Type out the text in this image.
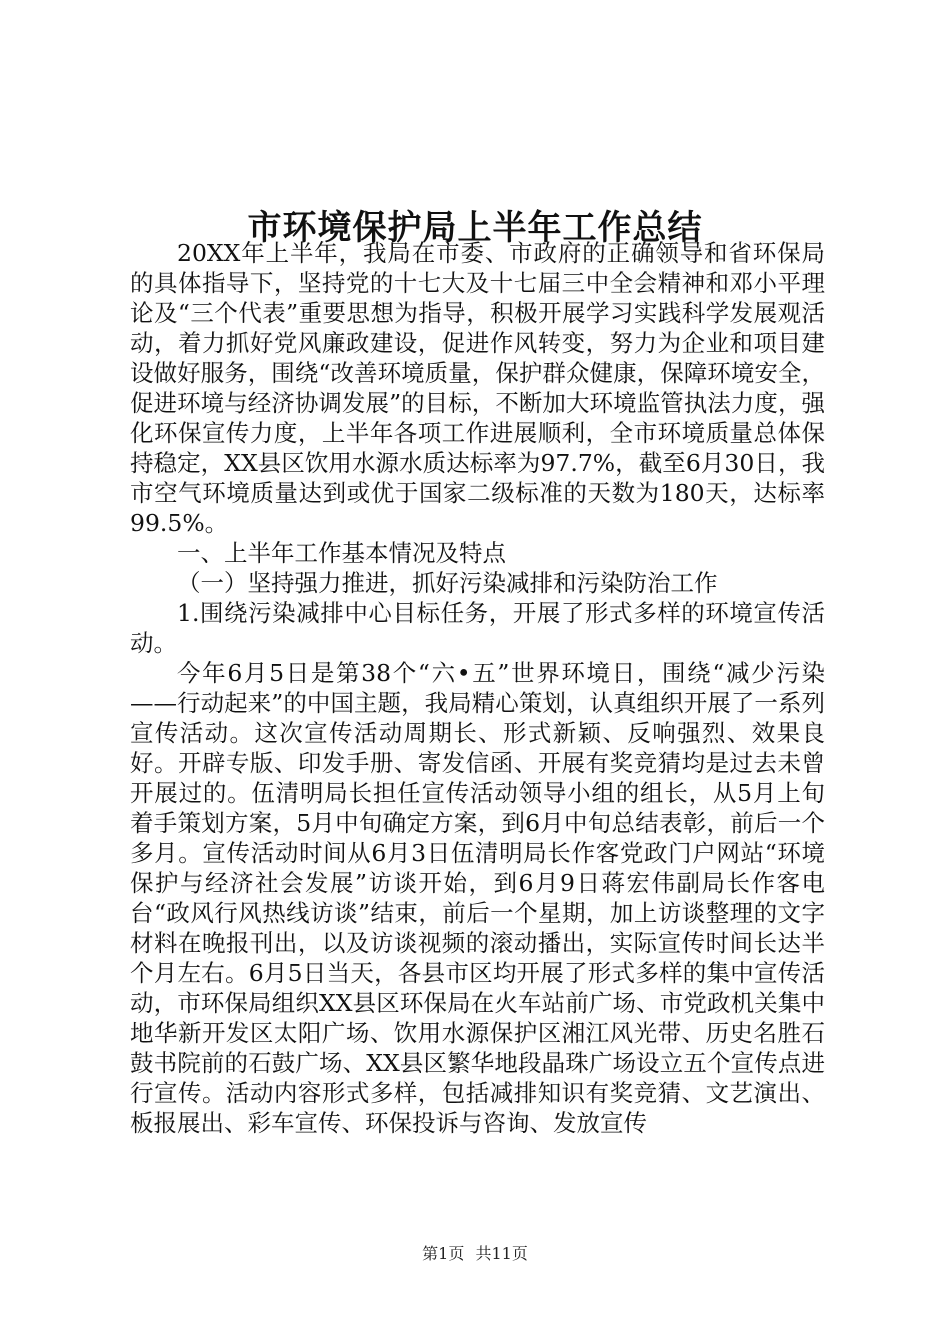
市环境保护局上半年工作总结

20XX年上半年，我局在市委、市政府的正确领导和省环保局的具体指导下，坚持党的十七大及十七届三中全会精神和邓小平理论及“三个代表”重要思想为指导，积极开展学习实践科学发展观活动，着力抓好党风廉政建设，促进作风转变，努力为企业和项目建设做好服务，围绕“改善环境质量，保护群众健康，保障环境安全，促进环境与经济协调发展”的目标，不断加大环境监管执法力度，强化环保宣传力度，上半年各项工作进展顺利，全市环境质量总体保持稳定，XX县区饮用水源水质达标率为97.7%，截至6月30日，我市空气环境质量达到或优于国家二级标准的天数为180天，达标率99.5%。

一、上半年工作基本情况及特点

（一）坚持强力推进，抓好污染减排和污染防治工作

1.围绕污染减排中心目标任务，开展了形式多样的环境宣传活动。

今年6月5日是第38个“六•五”世界环境日，围绕“减少污染——行动起来”的中国主题，我局精心策划，认真组织开展了一系列宣传活动。这次宣传活动周期长、形式新颖、反响强烈、效果良好。开辟专版、印发手册、寄发信函、开展有奖竞猜均是过去未曾开展过的。伍清明局长担任宣传活动领导小组的组长，从5月上旬着手策划方案，5月中旬确定方案，到6月中旬总结表彰，前后一个多月。宣传活动时间从6月3日伍清明局长作客党政门户网站“环境保护与经济社会发展”访谈开始，到6月9日蒋宏伟副局长作客电台“政风行风热线访谈”结束，前后一个星期，加上访谈整理的文字材料在晚报刊出，以及访谈视频的滚动播出，实际宣传时间长达半个月左右。6月5日当天，各县市区均开展了形式多样的集中宣传活动，市环保局组织XX县区环保局在火车站前广场、市党政机关集中地华新开发区太阳广场、饮用水源保护区湘江风光带、历史名胜石鼓书院前的石鼓广场、XX县区繁华地段晶珠广场设立五个宣传点进行宣传。活动内容形式多样，包括减排知识有奖竞猜、文艺演出、板报展出、彩车宣传、环保投诉与咨询、发放宣传

第1页 共11页
